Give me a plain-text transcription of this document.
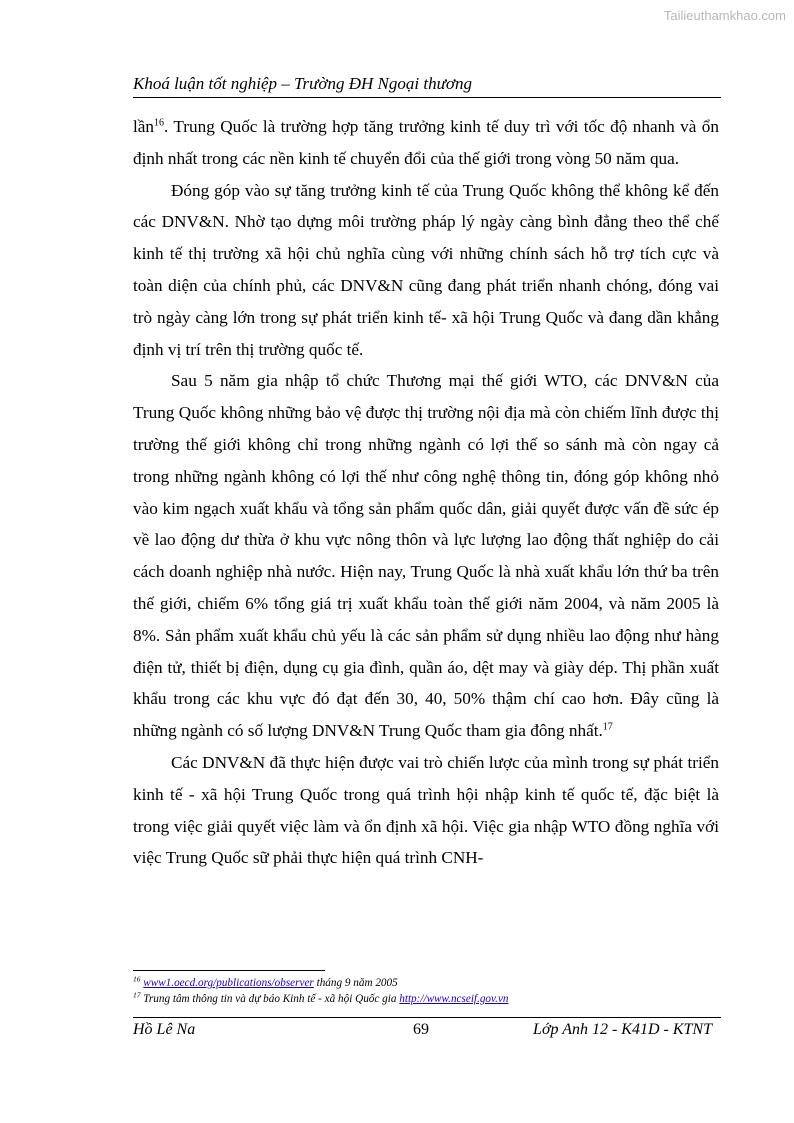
Tailieuthamkhao.com
Khoá luận tốt nghiệp – Trường ĐH Ngoại thương

lần$^{16}$. Trung Quốc là trường hợp tăng trưởng kinh tế duy trì với tốc độ nhanh và ổn định nhất trong các nền kinh tế chuyển đổi của thế giới trong vòng 50 năm qua.

Đóng góp vào sự tăng trưởng kinh tế của Trung Quốc không thể không kể đến các DNV&N. Nhờ tạo dựng môi trường pháp lý ngày càng bình đẳng theo thể chế kinh tế thị trường xã hội chủ nghĩa cùng với những chính sách hỗ trợ tích cực và toàn diện của chính phủ, các DNV&N cũng đang phát triển nhanh chóng, đóng vai trò ngày càng lớn trong sự phát triển kinh tế- xã hội Trung Quốc và đang dần khẳng định vị trí trên thị trường quốc tế.

Sau 5 năm gia nhập tổ chức Thương mại thế giới WTO, các DNV&N của Trung Quốc không những bảo vệ được thị trường nội địa mà còn chiếm lĩnh được thị trường thế giới không chỉ trong những ngành có lợi thế so sánh mà còn ngay cả trong những ngành không có lợi thế như công nghệ thông tin, đóng góp không nhỏ vào kim ngạch xuất khẩu và tổng sản phẩm quốc dân, giải quyết được vấn đề sức ép về lao động dư thừa ở khu vực nông thôn và lực lượng lao động thất nghiệp do cải cách doanh nghiệp nhà nước. Hiện nay, Trung Quốc là nhà xuất khẩu lớn thứ ba trên thế giới, chiếm 6% tổng giá trị xuất khẩu toàn thế giới năm 2004, và năm 2005 là 8%. Sản phẩm xuất khẩu chủ yếu là các sản phẩm sử dụng nhiều lao động như hàng điện tử, thiết bị điện, dụng cụ gia đình, quần áo, dệt may và giày dép. Thị phần xuất khẩu trong các khu vực đó đạt đến 30, 40, 50% thậm chí cao hơn. Đây cũng là những ngành có số lượng DNV&N Trung Quốc tham gia đông nhất.$^{17}$

Các DNV&N đã thực hiện được vai trò chiến lược của mình trong sự phát triển kinh tế - xã hội Trung Quốc trong quá trình hội nhập kinh tế quốc tế, đặc biệt là trong việc giải quyết việc làm và ổn định xã hội. Việc gia nhập WTO đồng nghĩa với việc Trung Quốc sữ phải thực hiện quá trình CNH-

$^{16}$ www1.oecd.org/publications/observer tháng 9 năm 2005

$^{17}$ Trung tâm thông tin và dự báo Kinh tế - xã hội Quốc gia http://www.ncseif.gov.vn

Hồ Lê Na	69	Lớp Anh 12 - K41D - KTNT
